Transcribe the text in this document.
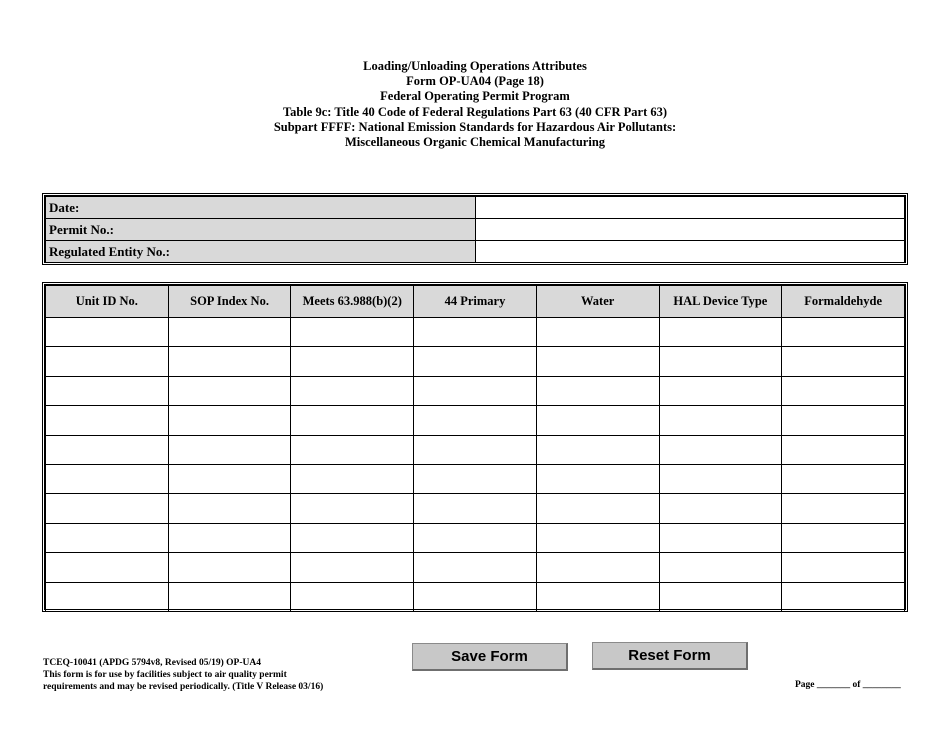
Loading/Unloading Operations Attributes
Form OP-UA04 (Page 18)
Federal Operating Permit Program
Table 9c: Title 40 Code of Federal Regulations Part 63 (40 CFR Part 63)
Subpart FFFF: National Emission Standards for Hazardous Air Pollutants:
Miscellaneous Organic Chemical Manufacturing
Date:	
Permit No.:	
Regulated Entity No.:	
Unit ID No.	SOP Index No.	Meets 63.988(b)(2)	44 Primary	Water	HAL Device Type	Formaldehyde

Save Form	Reset Form
TCEQ-10041 (APDG 5794v8, Revised 05/19) OP-UA4
This form is for use by facilities subject to air quality permit
requirements and may be revised periodically. (Title V Release 03/16)	Page _______ of ________
